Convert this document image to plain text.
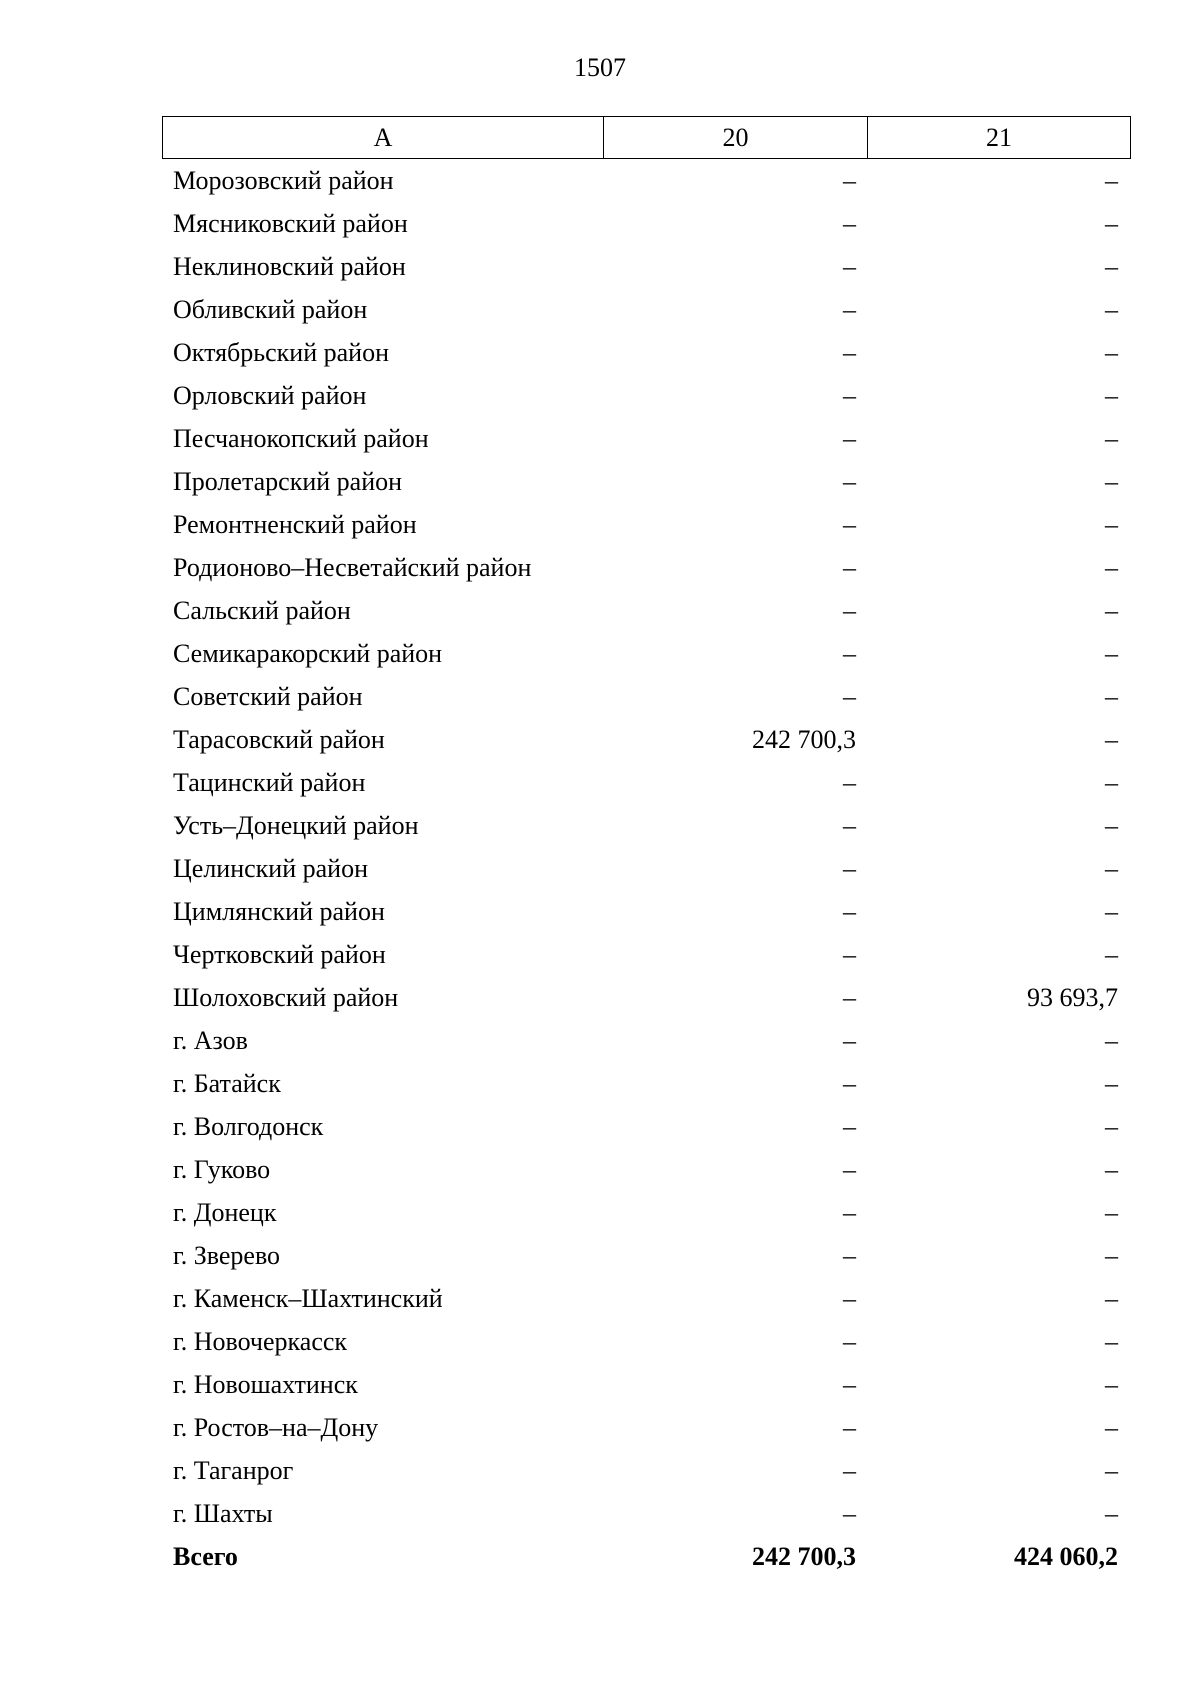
1507
А	20	21
Морозовский район	–	–
Мясниковский район	–	–
Неклиновский район	–	–
Обливский район	–	–
Октябрьский район	–	–
Орловский район	–	–
Песчанокопский район	–	–
Пролетарский район	–	–
Ремонтненский район	–	–
Родионово–Несветайский район	–	–
Сальский район	–	–
Семикаракорский район	–	–
Советский район	–	–
Тарасовский район	242 700,3	–
Тацинский район	–	–
Усть–Донецкий район	–	–
Целинский район	–	–
Цимлянский район	–	–
Чертковский район	–	–
Шолоховский район	–	93 693,7
г. Азов	–	–
г. Батайск	–	–
г. Волгодонск	–	–
г. Гуково	–	–
г. Донецк	–	–
г. Зверево	–	–
г. Каменск–Шахтинский	–	–
г. Новочеркасск	–	–
г. Новошахтинск	–	–
г. Ростов–на–Дону	–	–
г. Таганрог	–	–
г. Шахты	–	–
Всего	242 700,3	424 060,2
